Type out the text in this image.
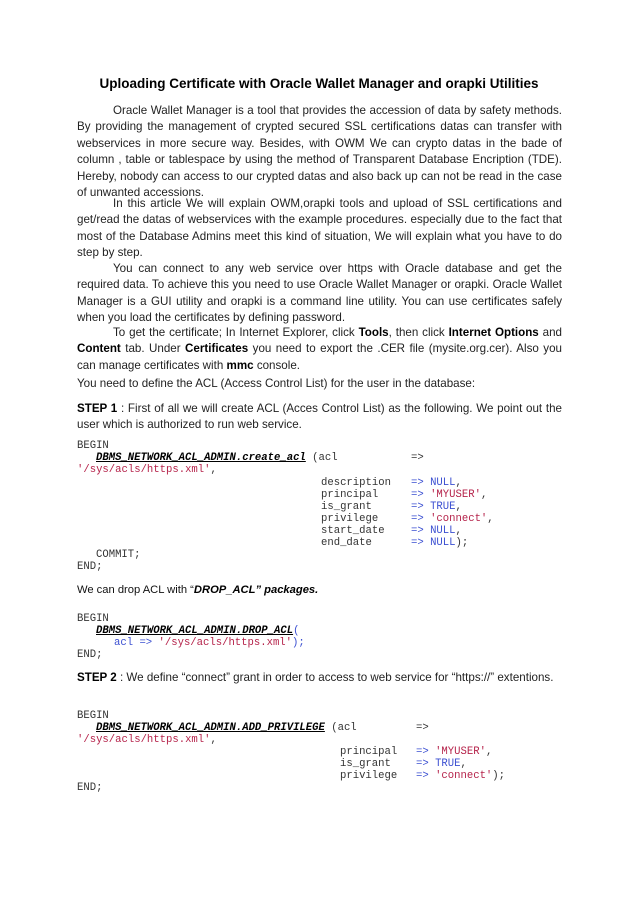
Uploading Certificate with Oracle Wallet Manager and orapki Utilities

Oracle Wallet Manager is a tool that provides the accession of data by safety methods. By providing the management of crypted secured SSL certifications datas can transfer with webservices in more secure way. Besides, with OWM We can crypto datas in the bade of column , table or tablespace by using the method of Transparent Database Encription (TDE). Hereby, nobody can access to our crypted datas and also back up can not be read in the case of unwanted accessions.

In this article We will explain OWM,orapki tools and upload of SSL certifications and get/read the datas of webservices with the example procedures. especially due to the fact that most of the Database Admins meet this kind of situation, We will explain what you have to do step by step.

You can connect to any web service over https with Oracle database and get the required data. To achieve this you need to use Oracle Wallet Manager or orapki. Oracle Wallet Manager is a GUI utility and orapki is a command line utility. You can use certificates safely when you load the certificates by defining password.

To get the certificate; In Internet Explorer, click Tools, then click Internet Options and Content tab. Under Certificates you need to export the .CER file (mysite.org.cer). Also you can manage certificates with mmc console.

You need to define the ACL (Access Control List) for the user in the database:

STEP 1 : First of all we will create ACL (Acces Control List) as the following. We point out the user which is authorized to run web service.

BEGIN
DBMS_NETWORK_ACL_ADMIN.create_acl (acl	=>
'/sys/acls/https.xml',
description => NULL,
principal	=> 'MYUSER',
is_grant	=> TRUE,
privilege	=> 'connect',
start_date => NULL,
end_date	=> NULL);
COMMIT;
END;

We can drop ACL with “DROP_ACL” packages.

BEGIN
DBMS_NETWORK_ACL_ADMIN.DROP_ACL(
acl => '/sys/acls/https.xml');
END;

STEP 2 : We define “connect” grant in order to access to web service for “https://” extentions.

BEGIN
DBMS_NETWORK_ACL_ADMIN.ADD_PRIVILEGE (acl	=>
'/sys/acls/https.xml',
principal => 'MYUSER',
is_grant => TRUE,
privilege => 'connect');
END;
